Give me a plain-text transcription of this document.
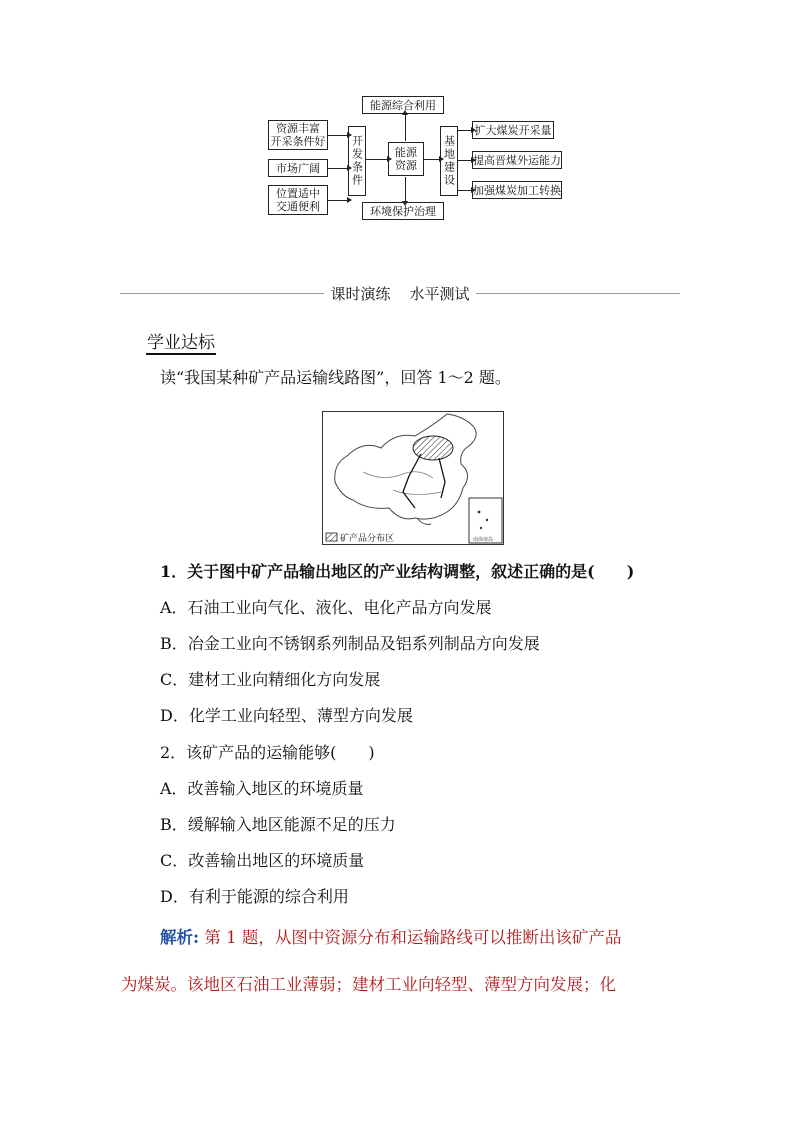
能源综合利用
能源
资源
环境保护治理
开发条件	基地建设
资源丰富
开采条件好
市场广阔
位置适中
交通便利
扩大煤炭开采量
提高晋煤外运能力
加强煤炭加工转换
课时演练    水平测试
学业达标
读“我国某种矿产品运输线路图”，回答 1～2 题。
矿产品分布区	南海诸岛
1．关于图中矿产品输出地区的产业结构调整，叙述正确的是(　　)
A．石油工业向气化、液化、电化产品方向发展
B．冶金工业向不锈钢系列制品及铝系列制品方向发展
C．建材工业向精细化方向发展
D．化学工业向轻型、薄型方向发展
2．该矿产品的运输能够(　　)
A．改善输入地区的环境质量
B．缓解输入地区能源不足的压力
C．改善输出地区的环境质量
D．有利于能源的综合利用
解析: 第 1 题，从图中资源分布和运输路线可以推断出该矿产品
为煤炭。该地区石油工业薄弱；建材工业向轻型、薄型方向发展；化
